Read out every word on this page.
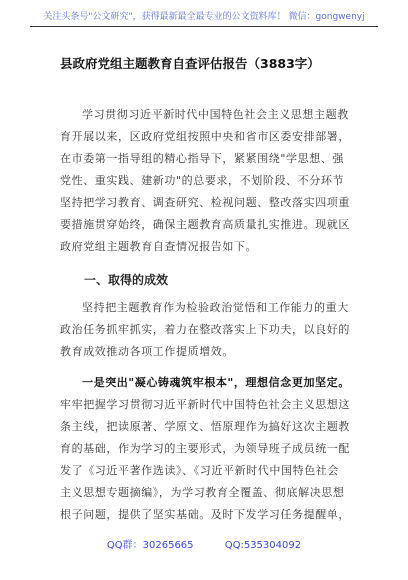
关注头条号"公文研究"，获得最新最全最专业的公文资料库！ 微信：gongwenyj
县政府党组主题教育自查评估报告（3883字）
学习贯彻习近平新时代中国特色社会主义思想主题教
育开展以来，区政府党组按照中央和省市区委安排部署，
在市委第一指导组的精心指导下，紧紧围绕"学思想、强
党性、重实践、建新功"的总要求，不划阶段、不分环节
坚持把学习教育、调查研究、检视问题、整改落实四项重
要措施贯穿始终，确保主题教育高质量扎实推进。现就区
政府党组主题教育自查情况报告如下。
一、取得的成效
坚持把主题教育作为检验政治觉悟和工作能力的重大
政治任务抓牢抓实，着力在整改落实上下功夫，以良好的
教育成效推动各项工作提质增效。
一是突出"凝心铸魂筑牢根本"，理想信念更加坚定。
牢牢把握学习贯彻习近平新时代中国特色社会主义思想这
条主线，把读原著、学原文、悟原理作为搞好这次主题教
育的基础，作为学习的主要形式，为领导班子成员统一配
发了《习近平著作选读》、《习近平新时代中国特色社会
主义思想专题摘编》，为学习教育全覆盖、彻底解决思想
根子问题，提供了坚实基础。及时下发学习任务提醒单，
QQ群：30265665	QQ:535304092
